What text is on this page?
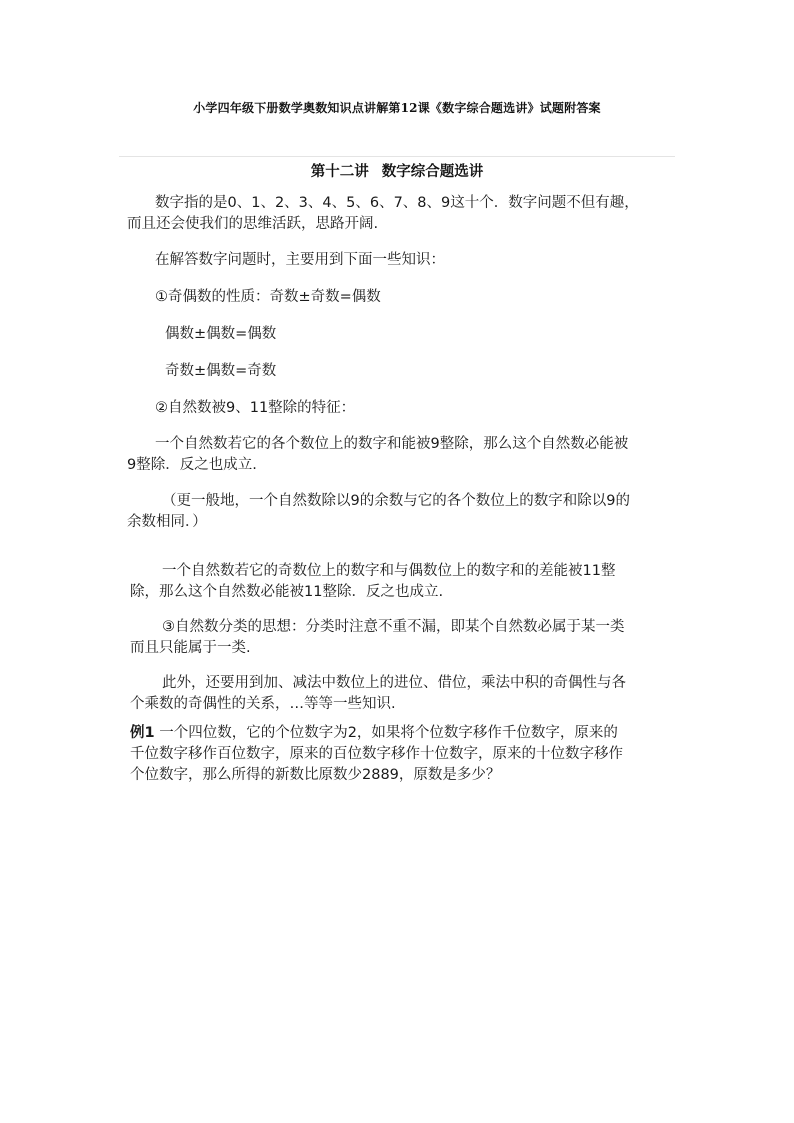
小学四年级下册数学奥数知识点讲解第12课《数字综合题选讲》试题附答案
第十二讲 数字综合题选讲
数字指的是0、1、2、3、4、5、6、7、8、9这十个．数字问题不但有趣，
而且还会使我们的思维活跃，思路开阔.
在解答数字问题时，主要用到下面一些知识：
①奇偶数的性质：奇数±奇数=偶数
偶数±偶数=偶数
奇数±偶数=奇数
②自然数被9、11整除的特征：
一个自然数若它的各个数位上的数字和能被9整除，那么这个自然数必能被
9整除．反之也成立.
（更一般地，一个自然数除以9的余数与它的各个数位上的数字和除以9的
余数相同．）
一个自然数若它的奇数位上的数字和与偶数位上的数字和的差能被11整
除，那么这个自然数必能被11整除．反之也成立.
③自然数分类的思想：分类时注意不重不漏，即某个自然数必属于某一类
而且只能属于一类.
此外，还要用到加、减法中数位上的进位、借位，乘法中积的奇偶性与各
个乘数的奇偶性的关系，…等等一些知识.
例1 一个四位数，它的个位数字为2，如果将个位数字移作千位数字，原来的
千位数字移作百位数字，原来的百位数字移作十位数字，原来的十位数字移作
个位数字，那么所得的新数比原数少2889，原数是多少？
